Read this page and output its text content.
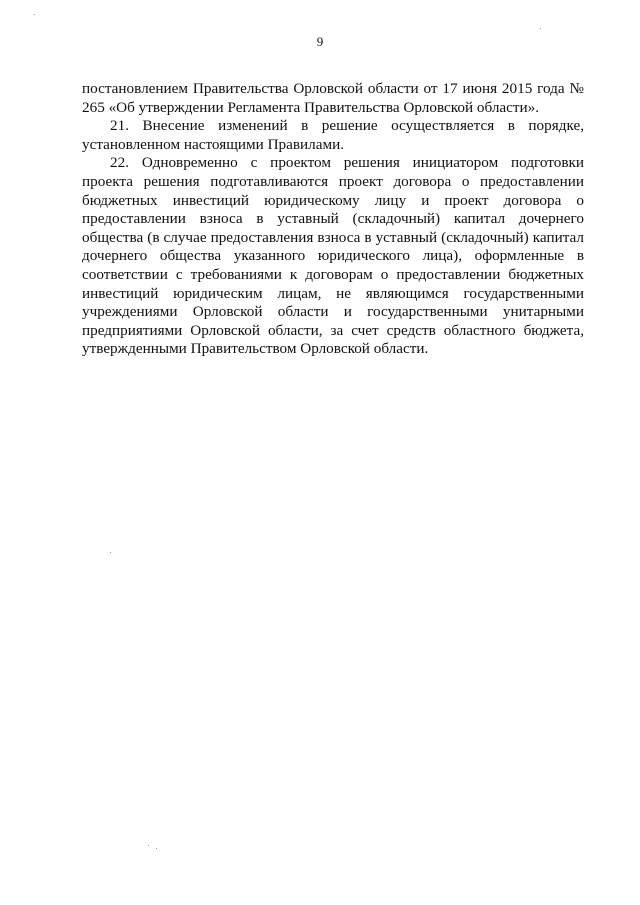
9

постановлением Правительства Орловской области от 17 июня 2015 года № 265 «Об утверждении Регламента Правительства Орловской области».

21. Внесение изменений в решение осуществляется в порядке, установленном настоящими Правилами.

22. Одновременно с проектом решения инициатором подготовки проекта решения подготавливаются проект договора о предоставлении бюджетных инвестиций юридическому лицу и проект договора о предоставлении взноса в уставный (складочный) капитал дочернего общества (в случае предоставления взноса в уставный (складочный) капитал дочернего общества указанного юридического лица), оформленные в соответствии с требованиями к договорам о предоставлении бюджетных инвестиций юридическим лицам, не являющимся государственными учреждениями Орловской области и государственными унитарными предприятиями Орловской области, за счет средств областного бюджета, утвержденными Правительством Орловской области.
